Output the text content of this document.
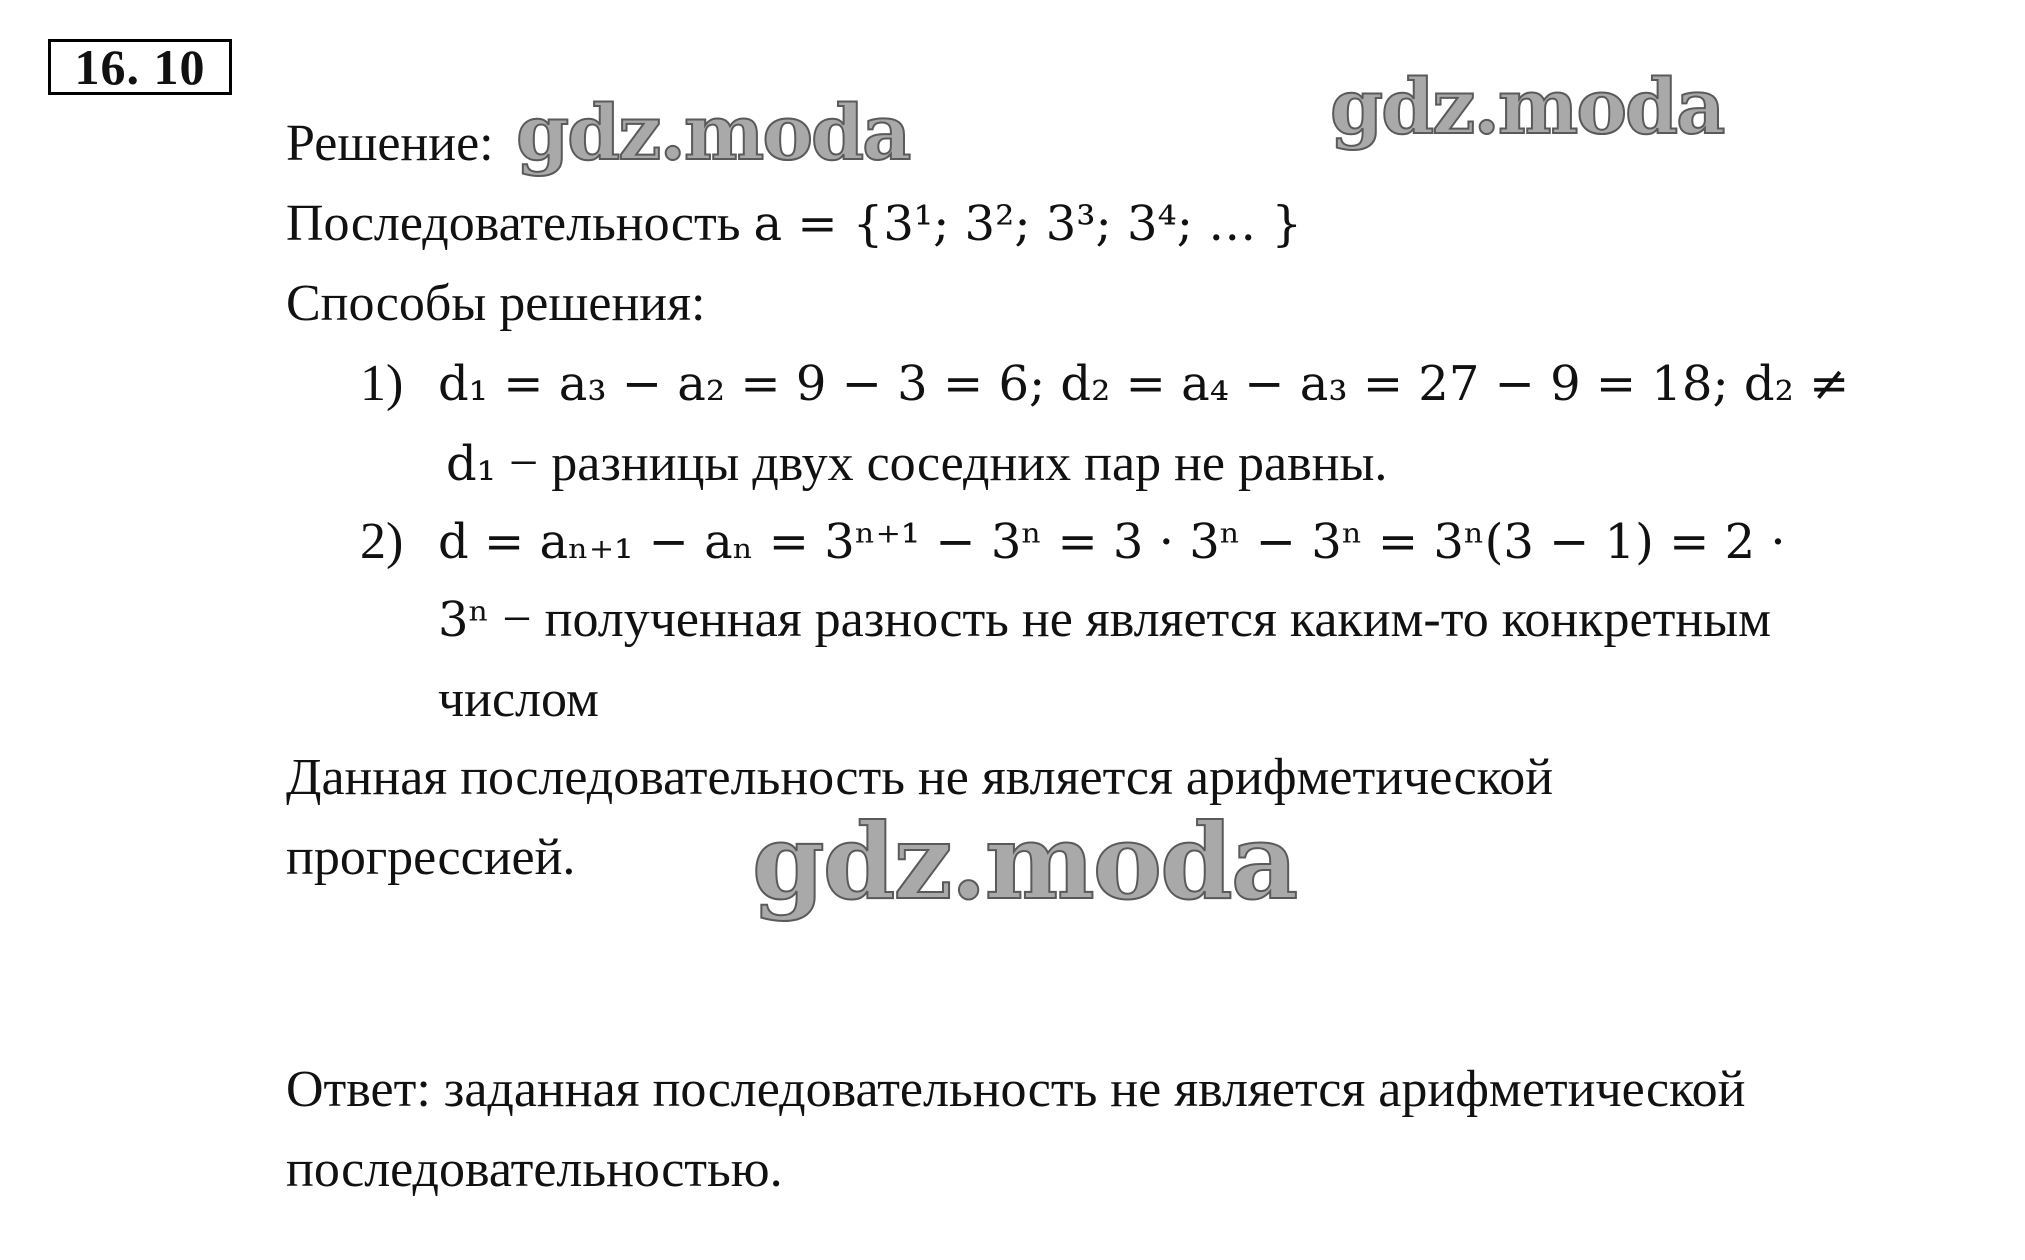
16. 10
Решение:
Последовательность a = {3¹; 3²; 3³; 3⁴; … }
Способы решения:
1) d₁ = a₃ − a₂ = 9 − 3 = 6; d₂ = a₄ − a₃ = 27 − 9 = 18; d₂ ≠
d₁ − разницы двух соседних пар не равны.
2) d = aₙ₊₁ − aₙ = 3ⁿ⁺¹ − 3ⁿ = 3 · 3ⁿ − 3ⁿ = 3ⁿ(3 − 1) = 2 ·
3ⁿ − полученная разность не является каким-то конкретным
числом
Данная последовательность не является арифметической
прогрессией.
Ответ: заданная последовательность не является арифметической
последовательностью.
gdz.moda	gdz.moda
gdz.moda
